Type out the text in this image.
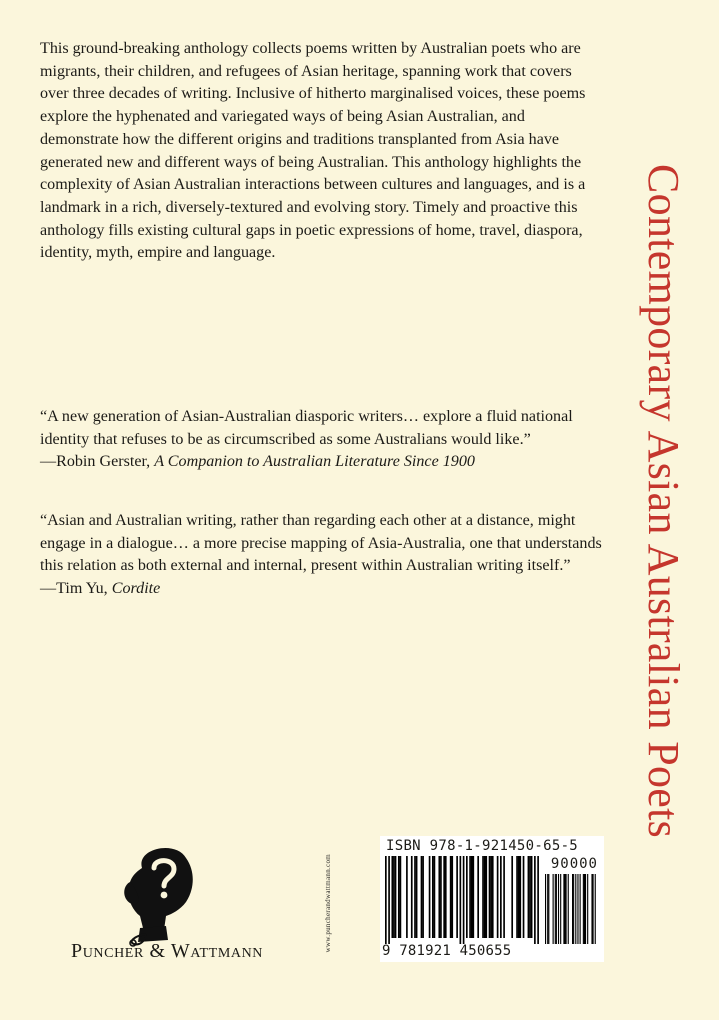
This ground-breaking anthology collects poems written by Australian poets who are migrants, their children, and refugees of Asian heritage, spanning work that covers over three decades of writing. Inclusive of hitherto marginalised voices, these poems explore the hyphenated and variegated ways of being Asian Australian, and demonstrate how the different origins and traditions transplanted from Asia have generated new and different ways of being Australian. This anthology highlights the complexity of Asian Australian interactions between cultures and languages, and is a landmark in a rich, diversely-textured and evolving story. Timely and proactive this anthology fills existing cultural gaps in poetic expressions of home, travel, diaspora, identity, myth, empire and language.

“A new generation of Asian-Australian diasporic writers… explore a fluid national identity that refuses to be as circumscribed as some Australians would like.”

—Robin Gerster, A Companion to Australian Literature Since 1900

“Asian and Australian writing, rather than regarding each other at a distance, might engage in a dialogue… a more precise mapping of Asia-Australia, one that understands this relation as both external and internal, present within Australian writing itself.”

—Tim Yu, Cordite	Contemporary Asian Australian Poets
Puncher & Wattmann	www.puncherandwattmann.com
ISBN 978-1-921450-65-5
90000
9 781921 450655
